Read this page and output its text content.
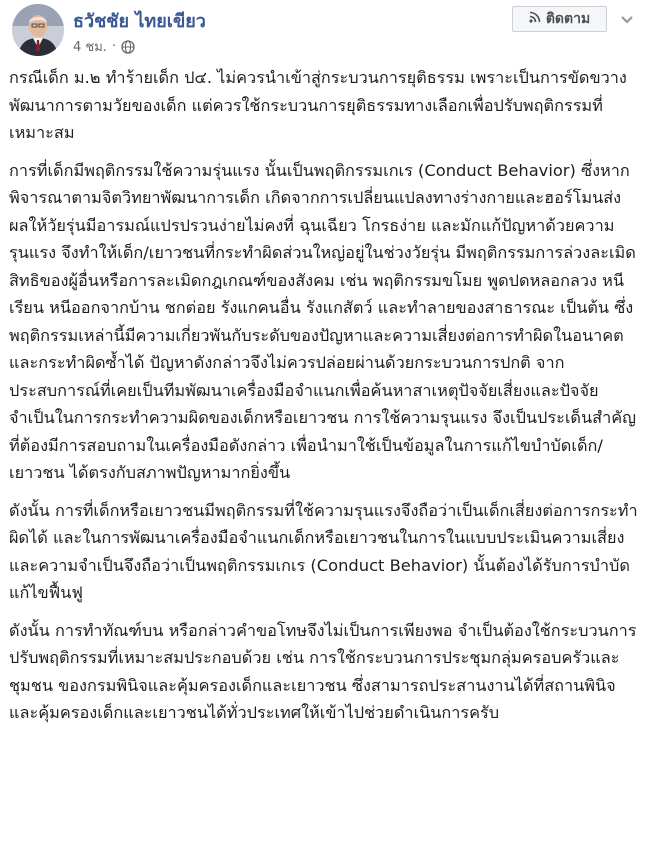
ธวัชชัย ไทยเขียว
4 ชม. ·
ติดตาม

กรณีเด็ก ม.๒ ทำร้ายเด็ก ป๔. ไม่ควรนำเข้าสู่กระบวนการยุติธรรม เพราะเป็นการขัดขวางพัฒนาการตามวัยของเด็ก แต่ควรใช้กระบวนการยุติธรรมทางเลือกเพื่อปรับพฤติกรรมที่เหมาะสม

การที่เด็กมีพฤติกรรมใช้ความรุ่นแรง นั้นเป็นพฤติกรรมเกเร (Conduct Behavior) ซึ่งหากพิจารณาตามจิตวิทยาพัฒนาการเด็ก เกิดจากการเปลี่ยนแปลงทางร่างกายและฮอร์โมนส่งผลให้วัยรุ่นมีอารมณ์แปรปรวนง่ายไม่คงที่ ฉุนเฉียว โกรธง่าย และมักแก้ปัญหาด้วยความรุนแรง จึงทำให้เด็ก/เยาวชนที่กระทำผิดส่วนใหญ่อยู่ในช่วงวัยรุ่น มีพฤติกรรมการล่วงละเมิดสิทธิของผู้อื่นหรือการละเมิดกฎเกณฑ์ของสังคม เช่น พฤติกรรมขโมย พูดปดหลอกลวง หนีเรียน หนีออกจากบ้าน ชกต่อย รังแกคนอื่น รังแกสัตว์ และทำลายของสาธารณะ เป็นต้น ซึ่งพฤติกรรมเหล่านี้มีความเกี่ยวพันกับระดับของปัญหาและความเสี่ยงต่อการทำผิดในอนาคต และกระทำผิดซ้ำได้ ปัญหาดังกล่าวจึงไม่ควรปล่อยผ่านด้วยกระบวนการปกติ จากประสบการณ์ที่เคยเป็นทีมพัฒนาเครื่องมือจำแนกเพื่อค้นหาสาเหตุปัจจัยเสี่ยงและปัจจัยจำเป็นในการกระทำความผิดของเด็กหรือเยาวชน การใช้ความรุนแรง จึงเป็นประเด็นสำคัญที่ต้องมีการสอบถามในเครื่องมือดังกล่าว เพื่อนำมาใช้เป็นข้อมูลในการแก้ไขบำบัดเด็ก/เยาวชน ได้ตรงกับสภาพปัญหามากยิ่งขึ้น

ดังนั้น การที่เด็กหรือเยาวชนมีพฤติกรรมที่ใช้ความรุนแรงจึงถือว่าเป็นเด็กเสี่ยงต่อการกระทำผิดได้ และในการพัฒนาเครื่องมือจำแนกเด็กหรือเยาวชนในการในแบบประเมินความเสี่ยงและความจำเป็นจึงถือว่าเป็นพฤติกรรมเกเร (Conduct Behavior) นั้นต้องได้รับการบำบัดแก้ไขฟื้นฟู

ดังนั้น การทำทัณฑ์บน หรือกล่าวคำขอโทษจึงไม่เป็นการเพียงพอ จำเป็นต้องใช้กระบวนการปรับพฤติกรรมที่เหมาะสมประกอบด้วย เช่น การใช้กระบวนการประชุมกลุ่มครอบครัวและชุมชน ของกรมพินิจและคุ้มครองเด็กและเยาวชน ซึ่งสามารถประสานงานได้ที่สถานพินิจและคุ้มครองเด็กและเยาวชนได้ทั่วประเทศให้เข้าไปช่วยดำเนินการครับ
